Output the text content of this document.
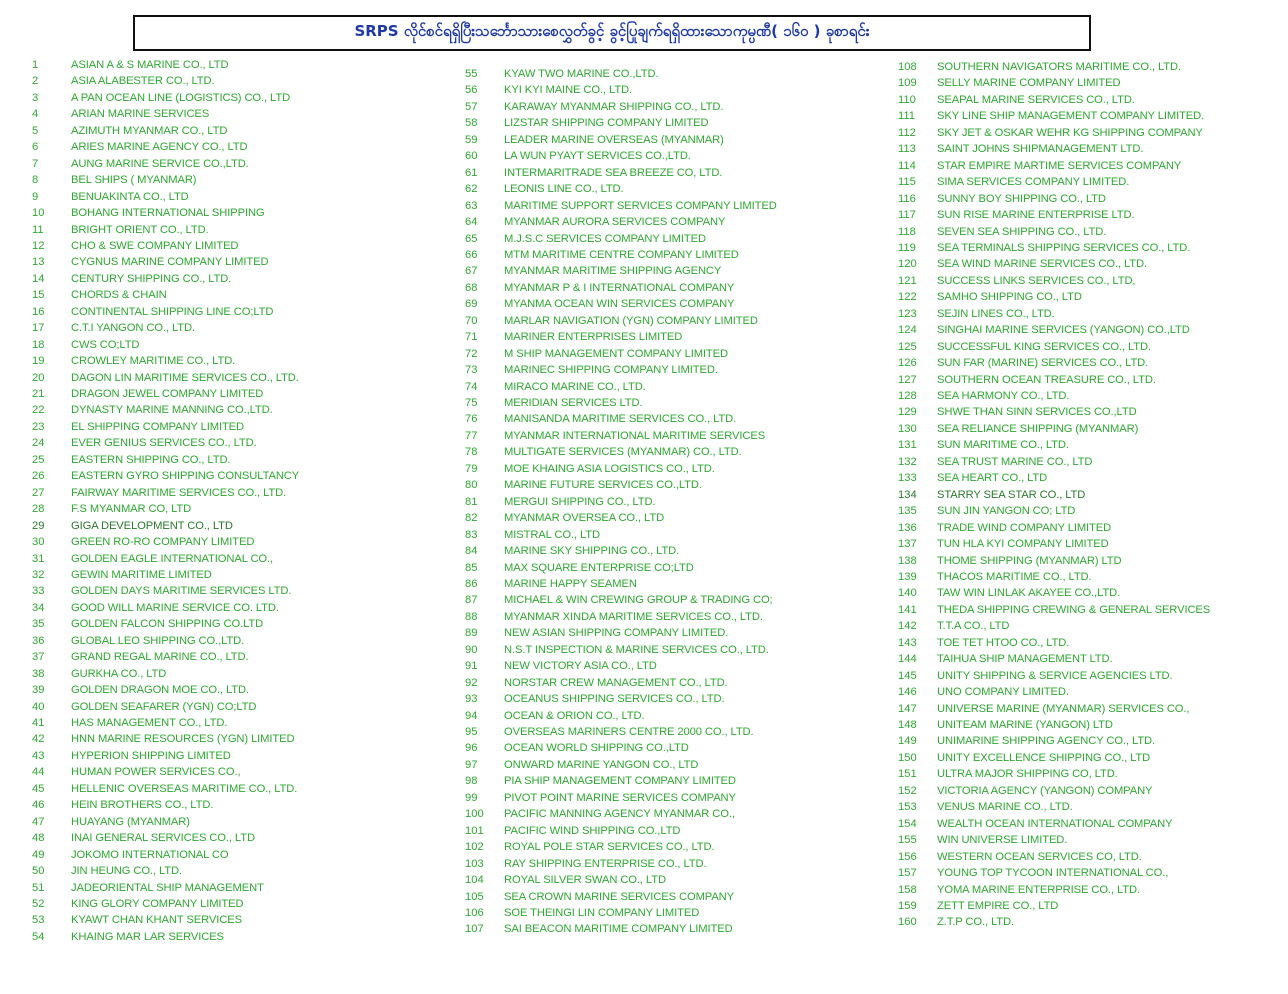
SRPS လိုင်စင်ရရှိပြီးသင်္ဘောသားစေလွှတ်ခွင့် ခွင့်ပြုချက်ရရှိထားသောကုမ္ပဏီ( ၁၆၀ ) ခုစာရင်း
1	ASIAN A & S MARINE CO., LTD
2	ASIA ALABESTER CO., LTD.
3	A PAN OCEAN LINE (LOGISTICS) CO., LTD
4	ARIAN MARINE SERVICES
5	AZIMUTH MYANMAR CO., LTD
6	ARIES MARINE AGENCY CO., LTD
7	AUNG MARINE SERVICE CO.,LTD.
8	BEL SHIPS ( MYANMAR)
9	BENUAKINTA CO., LTD
10	BOHANG INTERNATIONAL SHIPPING
11	BRIGHT ORIENT CO., LTD.
12	CHO & SWE COMPANY LIMITED
13	CYGNUS MARINE COMPANY LIMITED
14	CENTURY SHIPPING CO., LTD.
15	CHORDS & CHAIN
16	CONTINENTAL SHIPPING LINE CO;LTD
17	C.T.I YANGON CO., LTD.
18	CWS CO;LTD
19	CROWLEY MARITIME CO., LTD.
20	DAGON LIN MARITIME SERVICES CO., LTD.
21	DRAGON JEWEL COMPANY LIMITED
22	DYNASTY MARINE MANNING CO.,LTD.
23	EL SHIPPING COMPANY LIMITED
24	EVER GENIUS SERVICES CO., LTD.
25	EASTERN SHIPPING CO., LTD.
26	EASTERN GYRO SHIPPING CONSULTANCY
27	FAIRWAY MARITIME SERVICES CO., LTD.
28	F.S MYANMAR CO, LTD
29	GIGA DEVELOPMENT CO., LTD
30	GREEN RO-RO COMPANY LIMITED
31	GOLDEN EAGLE INTERNATIONAL CO.,
32	GEWIN MARITIME LIMITED
33	GOLDEN DAYS MARITIME SERVICES LTD.
34	GOOD WILL MARINE SERVICE CO. LTD.
35	GOLDEN FALCON SHIPPING CO.LTD
36	GLOBAL LEO SHIPPING CO.,LTD.
37	GRAND REGAL MARINE CO., LTD.
38	GURKHA CO., LTD
39	GOLDEN DRAGON MOE CO., LTD.
40	GOLDEN SEAFARER (YGN) CO;LTD
41	HAS MANAGEMENT CO., LTD.
42	HNN MARINE RESOURCES (YGN) LIMITED
43	HYPERION SHIPPING LIMITED
44	HUMAN POWER SERVICES CO.,
45	HELLENIC OVERSEAS MARITIME CO., LTD.
46	HEIN BROTHERS CO., LTD.
47	HUAYANG (MYANMAR)
48	INAI GENERAL SERVICES CO., LTD
49	JOKOMO INTERNATIONAL CO
50	JIN HEUNG CO., LTD.
51	JADEORIENTAL SHIP MANAGEMENT
52	KING GLORY COMPANY LIMITED
53	KYAWT CHAN KHANT SERVICES
54	KHAING MAR LAR SERVICES
55	KYAW TWO MARINE CO.,LTD.
56	KYI KYI MAINE CO., LTD.
57	KARAWAY MYANMAR SHIPPING CO., LTD.
58	LIZSTAR SHIPPING COMPANY LIMITED
59	LEADER MARINE OVERSEAS (MYANMAR)
60	LA WUN PYAYT SERVICES CO.,LTD.
61	INTERMARITRADE SEA BREEZE CO, LTD.
62	LEONIS LINE CO., LTD.
63	MARITIME SUPPORT SERVICES COMPANY LIMITED
64	MYANMAR AURORA SERVICES COMPANY
65	M.J.S.C SERVICES COMPANY LIMITED
66	MTM MARITIME CENTRE COMPANY LIMITED
67	MYANMAR MARITIME SHIPPING AGENCY
68	MYANMAR P & I INTERNATIONAL COMPANY
69	MYANMA OCEAN WIN SERVICES COMPANY
70	MARLAR NAVIGATION (YGN) COMPANY LIMITED
71	MARINER ENTERPRISES LIMITED
72	M SHIP MANAGEMENT COMPANY LIMITED
73	MARINEC SHIPPING COMPANY LIMITED.
74	MIRACO MARINE CO., LTD.
75	MERIDIAN SERVICES LTD.
76	MANISANDA MARITIME SERVICES CO., LTD.
77	MYANMAR INTERNATIONAL MARITIME SERVICES
78	MULTIGATE SERVICES (MYANMAR) CO., LTD.
79	MOE KHAING ASIA LOGISTICS CO., LTD.
80	MARINE FUTURE SERVICES CO.,LTD.
81	MERGUI SHIPPING CO., LTD.
82	MYANMAR OVERSEA CO., LTD
83	MISTRAL CO., LTD
84	MARINE SKY SHIPPING CO., LTD.
85	MAX SQUARE ENTERPRISE CO;LTD
86	MARINE HAPPY SEAMEN
87	MICHAEL & WIN CREWING GROUP & TRADING CO;
88	MYANMAR XINDA MARITIME SERVICES CO., LTD.
89	NEW ASIAN SHIPPING COMPANY LIMITED.
90	N.S.T INSPECTION & MARINE SERVICES CO., LTD.
91	NEW VICTORY ASIA CO., LTD
92	NORSTAR CREW MANAGEMENT CO., LTD.
93	OCEANUS SHIPPING SERVICES CO., LTD.
94	OCEAN & ORION CO., LTD.
95	OVERSEAS MARINERS CENTRE 2000 CO., LTD.
96	OCEAN WORLD SHIPPING CO.,LTD
97	ONWARD MARINE YANGON CO., LTD
98	PIA SHIP MANAGEMENT COMPANY LIMITED
99	PIVOT POINT MARINE SERVICES COMPANY
100	PACIFIC MANNING AGENCY MYANMAR CO.,
101	PACIFIC WIND SHIPPING CO.,LTD
102	ROYAL POLE STAR SERVICES CO., LTD.
103	RAY SHIPPING ENTERPRISE CO., LTD.
104	ROYAL SILVER SWAN CO., LTD
105	SEA CROWN MARINE SERVICES COMPANY
106	SOE THEINGI LIN COMPANY LIMITED
107	SAI BEACON MARITIME COMPANY LIMITED
108	SOUTHERN NAVIGATORS MARITIME CO., LTD.
109	SELLY MARINE COMPANY LIMITED
110	SEAPAL MARINE SERVICES CO., LTD.
111	SKY LINE SHIP MANAGEMENT COMPANY LIMITED.
112	SKY JET & OSKAR WEHR KG SHIPPING COMPANY
113	SAINT JOHNS SHIPMANAGEMENT LTD.
114	STAR EMPIRE MARTIME SERVICES COMPANY
115	SIMA SERVICES COMPANY LIMITED.
116	SUNNY BOY SHIPPING CO., LTD
117	SUN RISE MARINE ENTERPRISE LTD.
118	SEVEN SEA SHIPPING CO., LTD.
119	SEA TERMINALS SHIPPING SERVICES CO., LTD.
120	SEA WIND MARINE SERVICES CO., LTD.
121	SUCCESS LINKS SERVICES CO., LTD,
122	SAMHO SHIPPING CO., LTD
123	SEJIN LINES CO., LTD.
124	SINGHAI MARINE SERVICES (YANGON) CO.,LTD
125	SUCCESSFUL KING SERVICES CO., LTD.
126	SUN FAR (MARINE) SERVICES CO., LTD.
127	SOUTHERN OCEAN TREASURE CO., LTD.
128	SEA HARMONY CO., LTD.
129	SHWE THAN SINN SERVICES CO.,LTD
130	SEA RELIANCE SHIPPING (MYANMAR)
131	SUN MARITIME CO., LTD.
132	SEA TRUST MARINE CO., LTD
133	SEA HEART CO., LTD
134	STARRY SEA STAR CO., LTD
135	SUN JIN YANGON CO; LTD
136	TRADE WIND COMPANY LIMITED
137	TUN HLA KYI COMPANY LIMITED
138	THOME SHIPPING (MYANMAR) LTD
139	THACOS MARITIME CO., LTD.
140	TAW WIN LINLAK AKAYEE CO.,LTD.
141	THEDA SHIPPING CREWING & GENERAL SERVICES
142	T.T.A CO., LTD
143	TOE TET HTOO CO., LTD.
144	TAIHUA SHIP MANAGEMENT LTD.
145	UNITY SHIPPING & SERVICE AGENCIES LTD.
146	UNO COMPANY LIMITED.
147	UNIVERSE MARINE (MYANMAR) SERVICES CO.,
148	UNITEAM MARINE (YANGON) LTD
149	UNIMARINE SHIPPING AGENCY CO., LTD.
150	UNITY EXCELLENCE SHIPPING CO., LTD
151	ULTRA MAJOR SHIPPING CO, LTD.
152	VICTORIA AGENCY (YANGON) COMPANY
153	VENUS MARINE CO., LTD.
154	WEALTH OCEAN INTERNATIONAL COMPANY
155	WIN UNIVERSE LIMITED.
156	WESTERN OCEAN SERVICES CO, LTD.
157	YOUNG TOP TYCOON INTERNATIONAL CO.,
158	YOMA MARINE ENTERPRISE CO., LTD.
159	ZETT EMPIRE CO., LTD
160	Z.T.P CO., LTD.
